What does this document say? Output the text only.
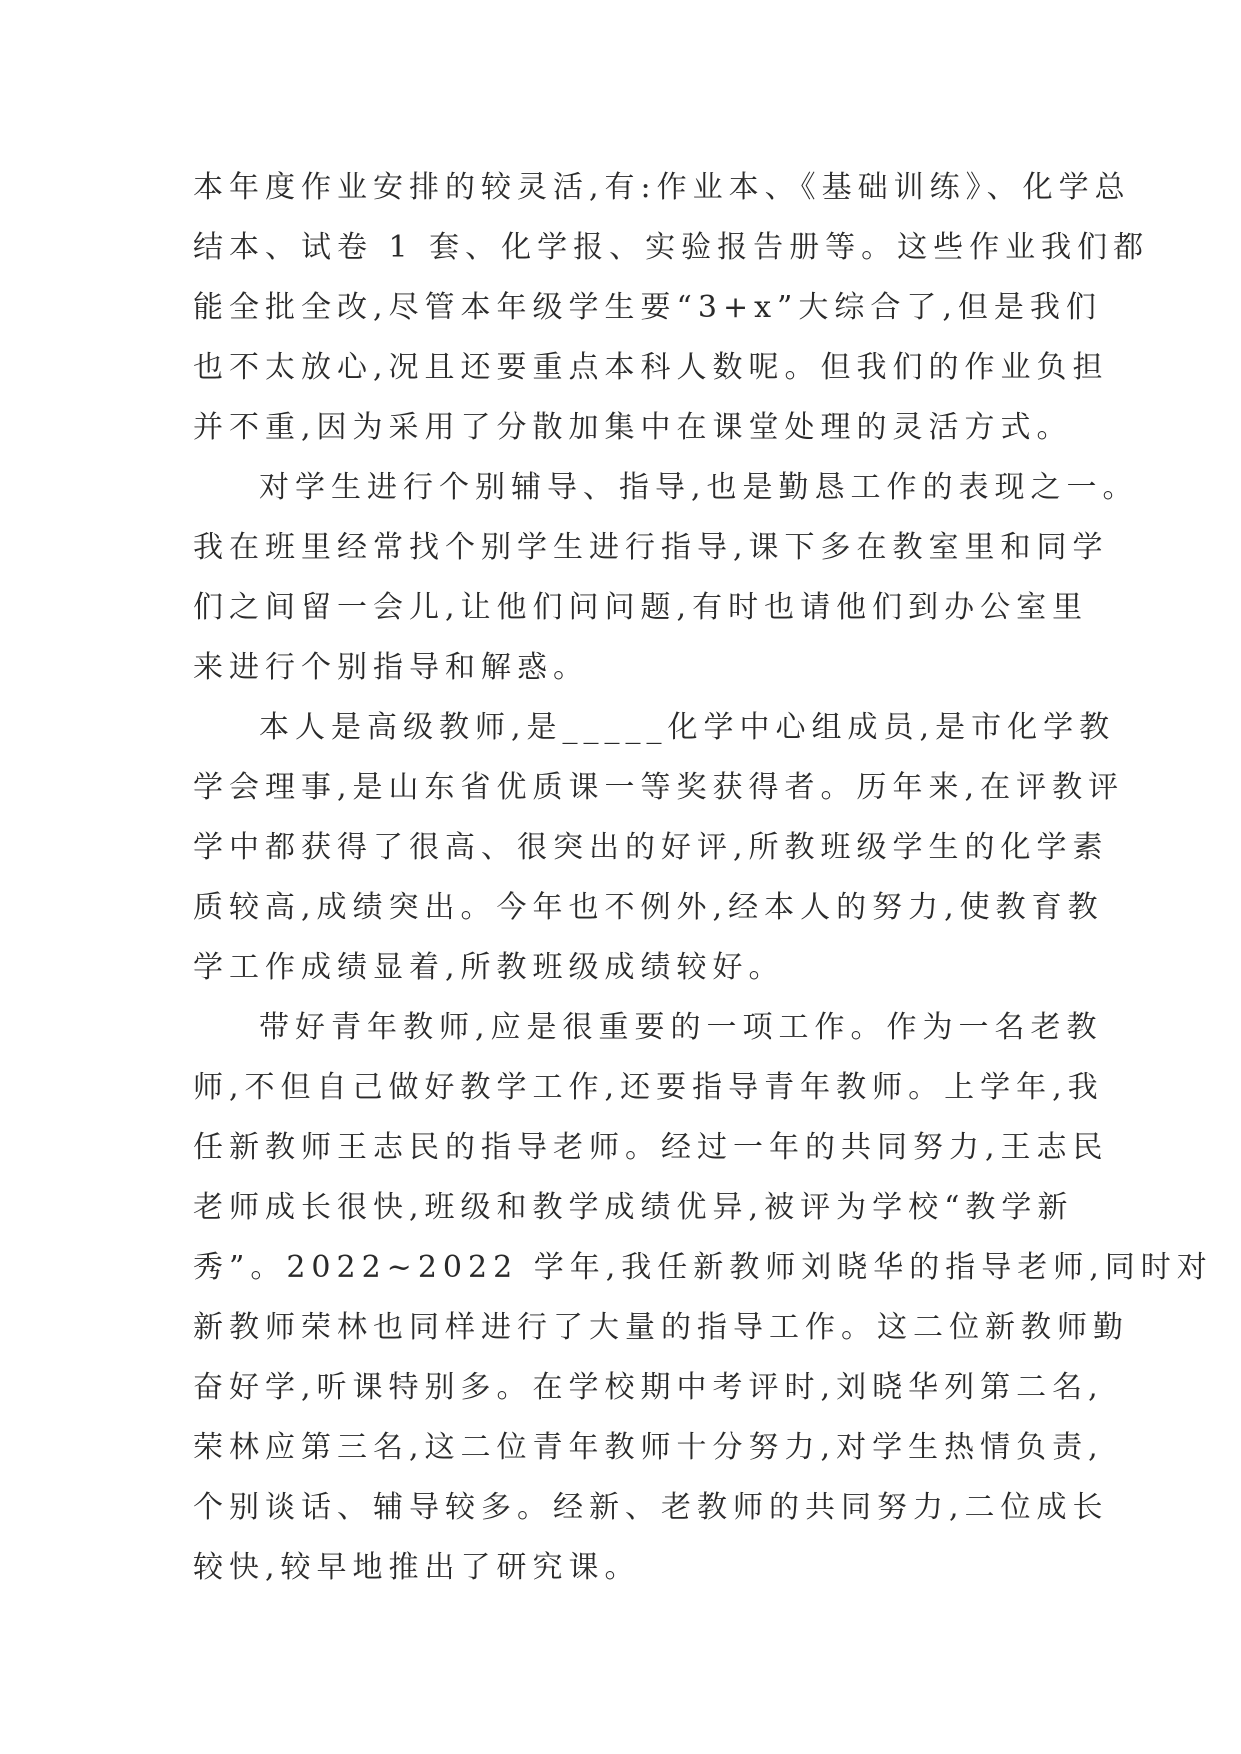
本年度作业安排的较灵活,有:作业本、《基础训练》、化学总
结本、试卷 1 套、化学报、实验报告册等。这些作业我们都
能全批全改,尽管本年级学生要“3+x”大综合了,但是我们
也不太放心,况且还要重点本科人数呢。但我们的作业负担
并不重,因为采用了分散加集中在课堂处理的灵活方式。
对学生进行个别辅导、指导,也是勤恳工作的表现之一。
我在班里经常找个别学生进行指导,课下多在教室里和同学
们之间留一会儿,让他们问问题,有时也请他们到办公室里
来进行个别指导和解惑。
本人是高级教师,是_____化学中心组成员,是市化学教
学会理事,是山东省优质课一等奖获得者。历年来,在评教评
学中都获得了很高、很突出的好评,所教班级学生的化学素
质较高,成绩突出。今年也不例外,经本人的努力,使教育教
学工作成绩显着,所教班级成绩较好。
带好青年教师,应是很重要的一项工作。作为一名老教
师,不但自己做好教学工作,还要指导青年教师。上学年,我
任新教师王志民的指导老师。经过一年的共同努力,王志民
老师成长很快,班级和教学成绩优异,被评为学校“教学新
秀”。2022~2022 学年,我任新教师刘晓华的指导老师,同时对
新教师荣林也同样进行了大量的指导工作。这二位新教师勤
奋好学,听课特别多。在学校期中考评时,刘晓华列第二名,
荣林应第三名,这二位青年教师十分努力,对学生热情负责,
个别谈话、辅导较多。经新、老教师的共同努力,二位成长
较快,较早地推出了研究课。
